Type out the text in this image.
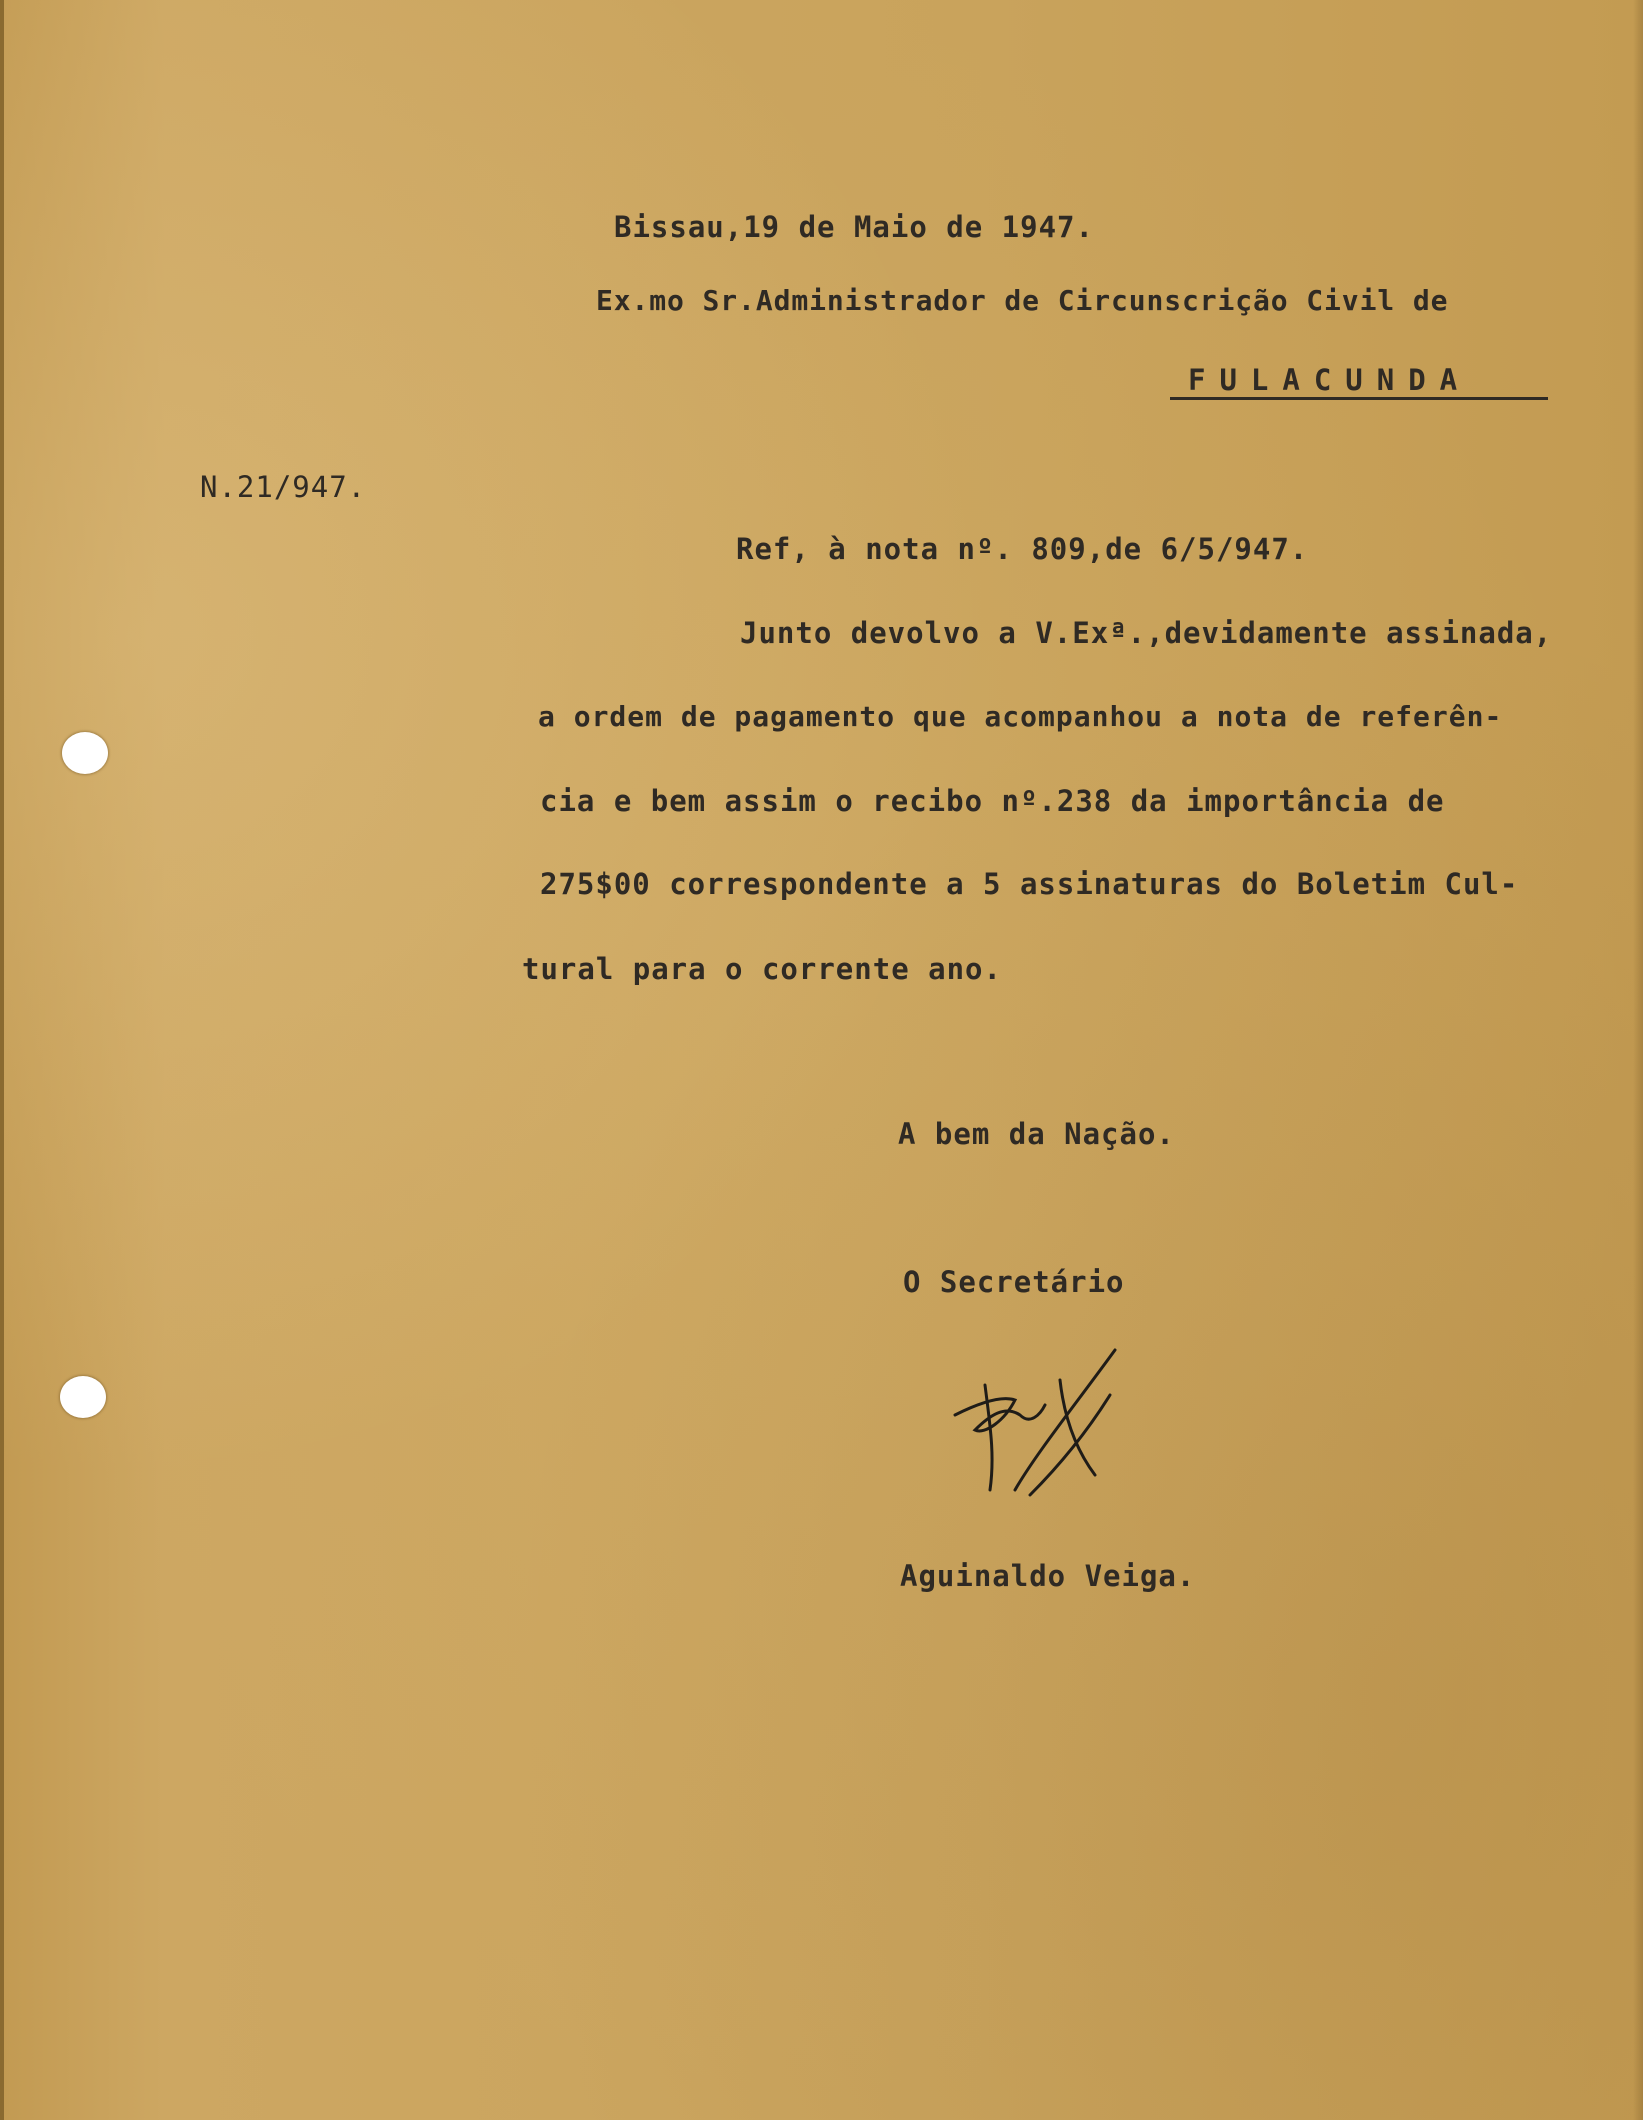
Bissau,19 de Maio de 1947.
Ex.mo Sr.Administrador de Circunscrição Civil de
FULACUNDA
N.21/947.
Ref, à nota nº. 809,de 6/5/947.
Junto devolvo a V.Exª.,devidamente assinada,
a ordem de pagamento que acompanhou a nota de referên-
cia e bem assim o recibo nº.238 da importância de
275$00 correspondente a 5 assinaturas do Boletim Cul-
tural para o corrente ano.
A bem da Nação.
O Secretário
Aguinaldo Veiga.
